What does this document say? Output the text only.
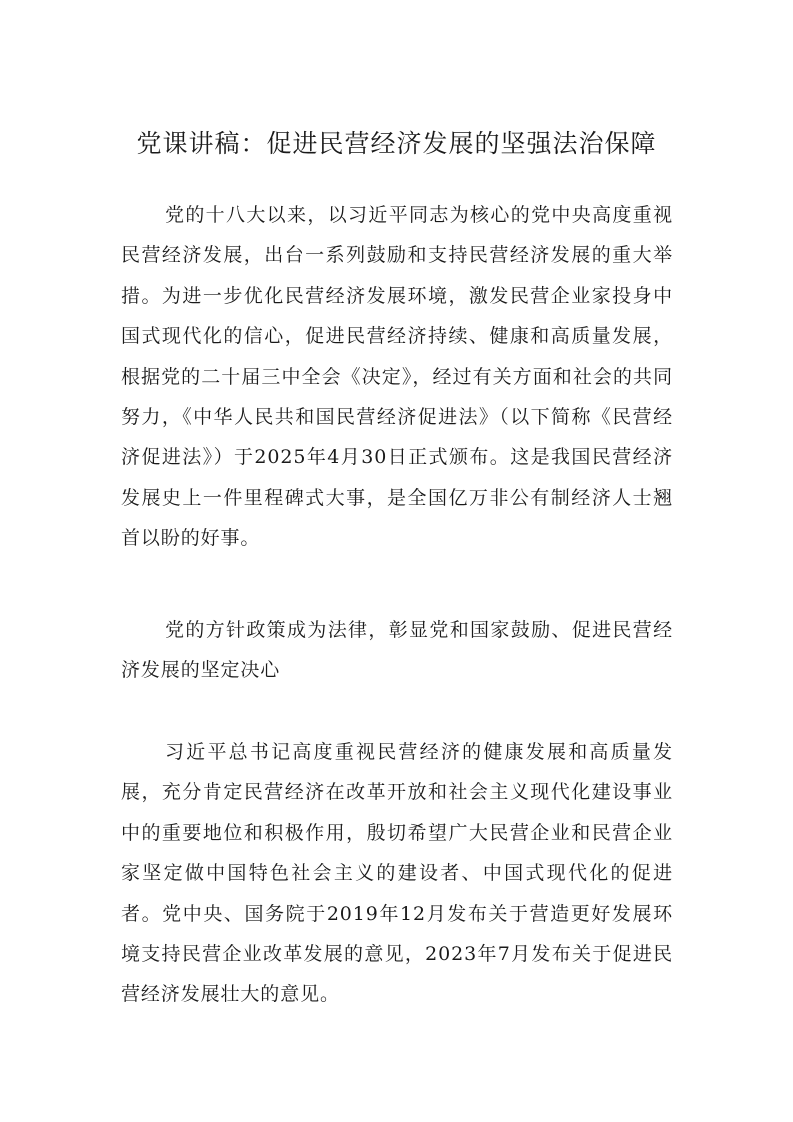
党课讲稿：促进民营经济发展的坚强法治保障

党的十八大以来，以习近平同志为核心的党中央高度重视民营经济发展，出台一系列鼓励和支持民营经济发展的重大举措。为进一步优化民营经济发展环境，激发民营企业家投身中国式现代化的信心，促进民营经济持续、健康和高质量发展，根据党的二十届三中全会《决定》，经过有关方面和社会的共同努力，《中华人民共和国民营经济促进法》（以下简称《民营经济促进法》）于2025年4月30日正式颁布。这是我国民营经济发展史上一件里程碑式大事，是全国亿万非公有制经济人士翘首以盼的好事。

党的方针政策成为法律，彰显党和国家鼓励、促进民营经济发展的坚定决心

习近平总书记高度重视民营经济的健康发展和高质量发展，充分肯定民营经济在改革开放和社会主义现代化建设事业中的重要地位和积极作用，殷切希望广大民营企业和民营企业家坚定做中国特色社会主义的建设者、中国式现代化的促进者。党中央、国务院于2019年12月发布关于营造更好发展环境支持民营企业改革发展的意见，2023年7月发布关于促进民营经济发展壮大的意见。
